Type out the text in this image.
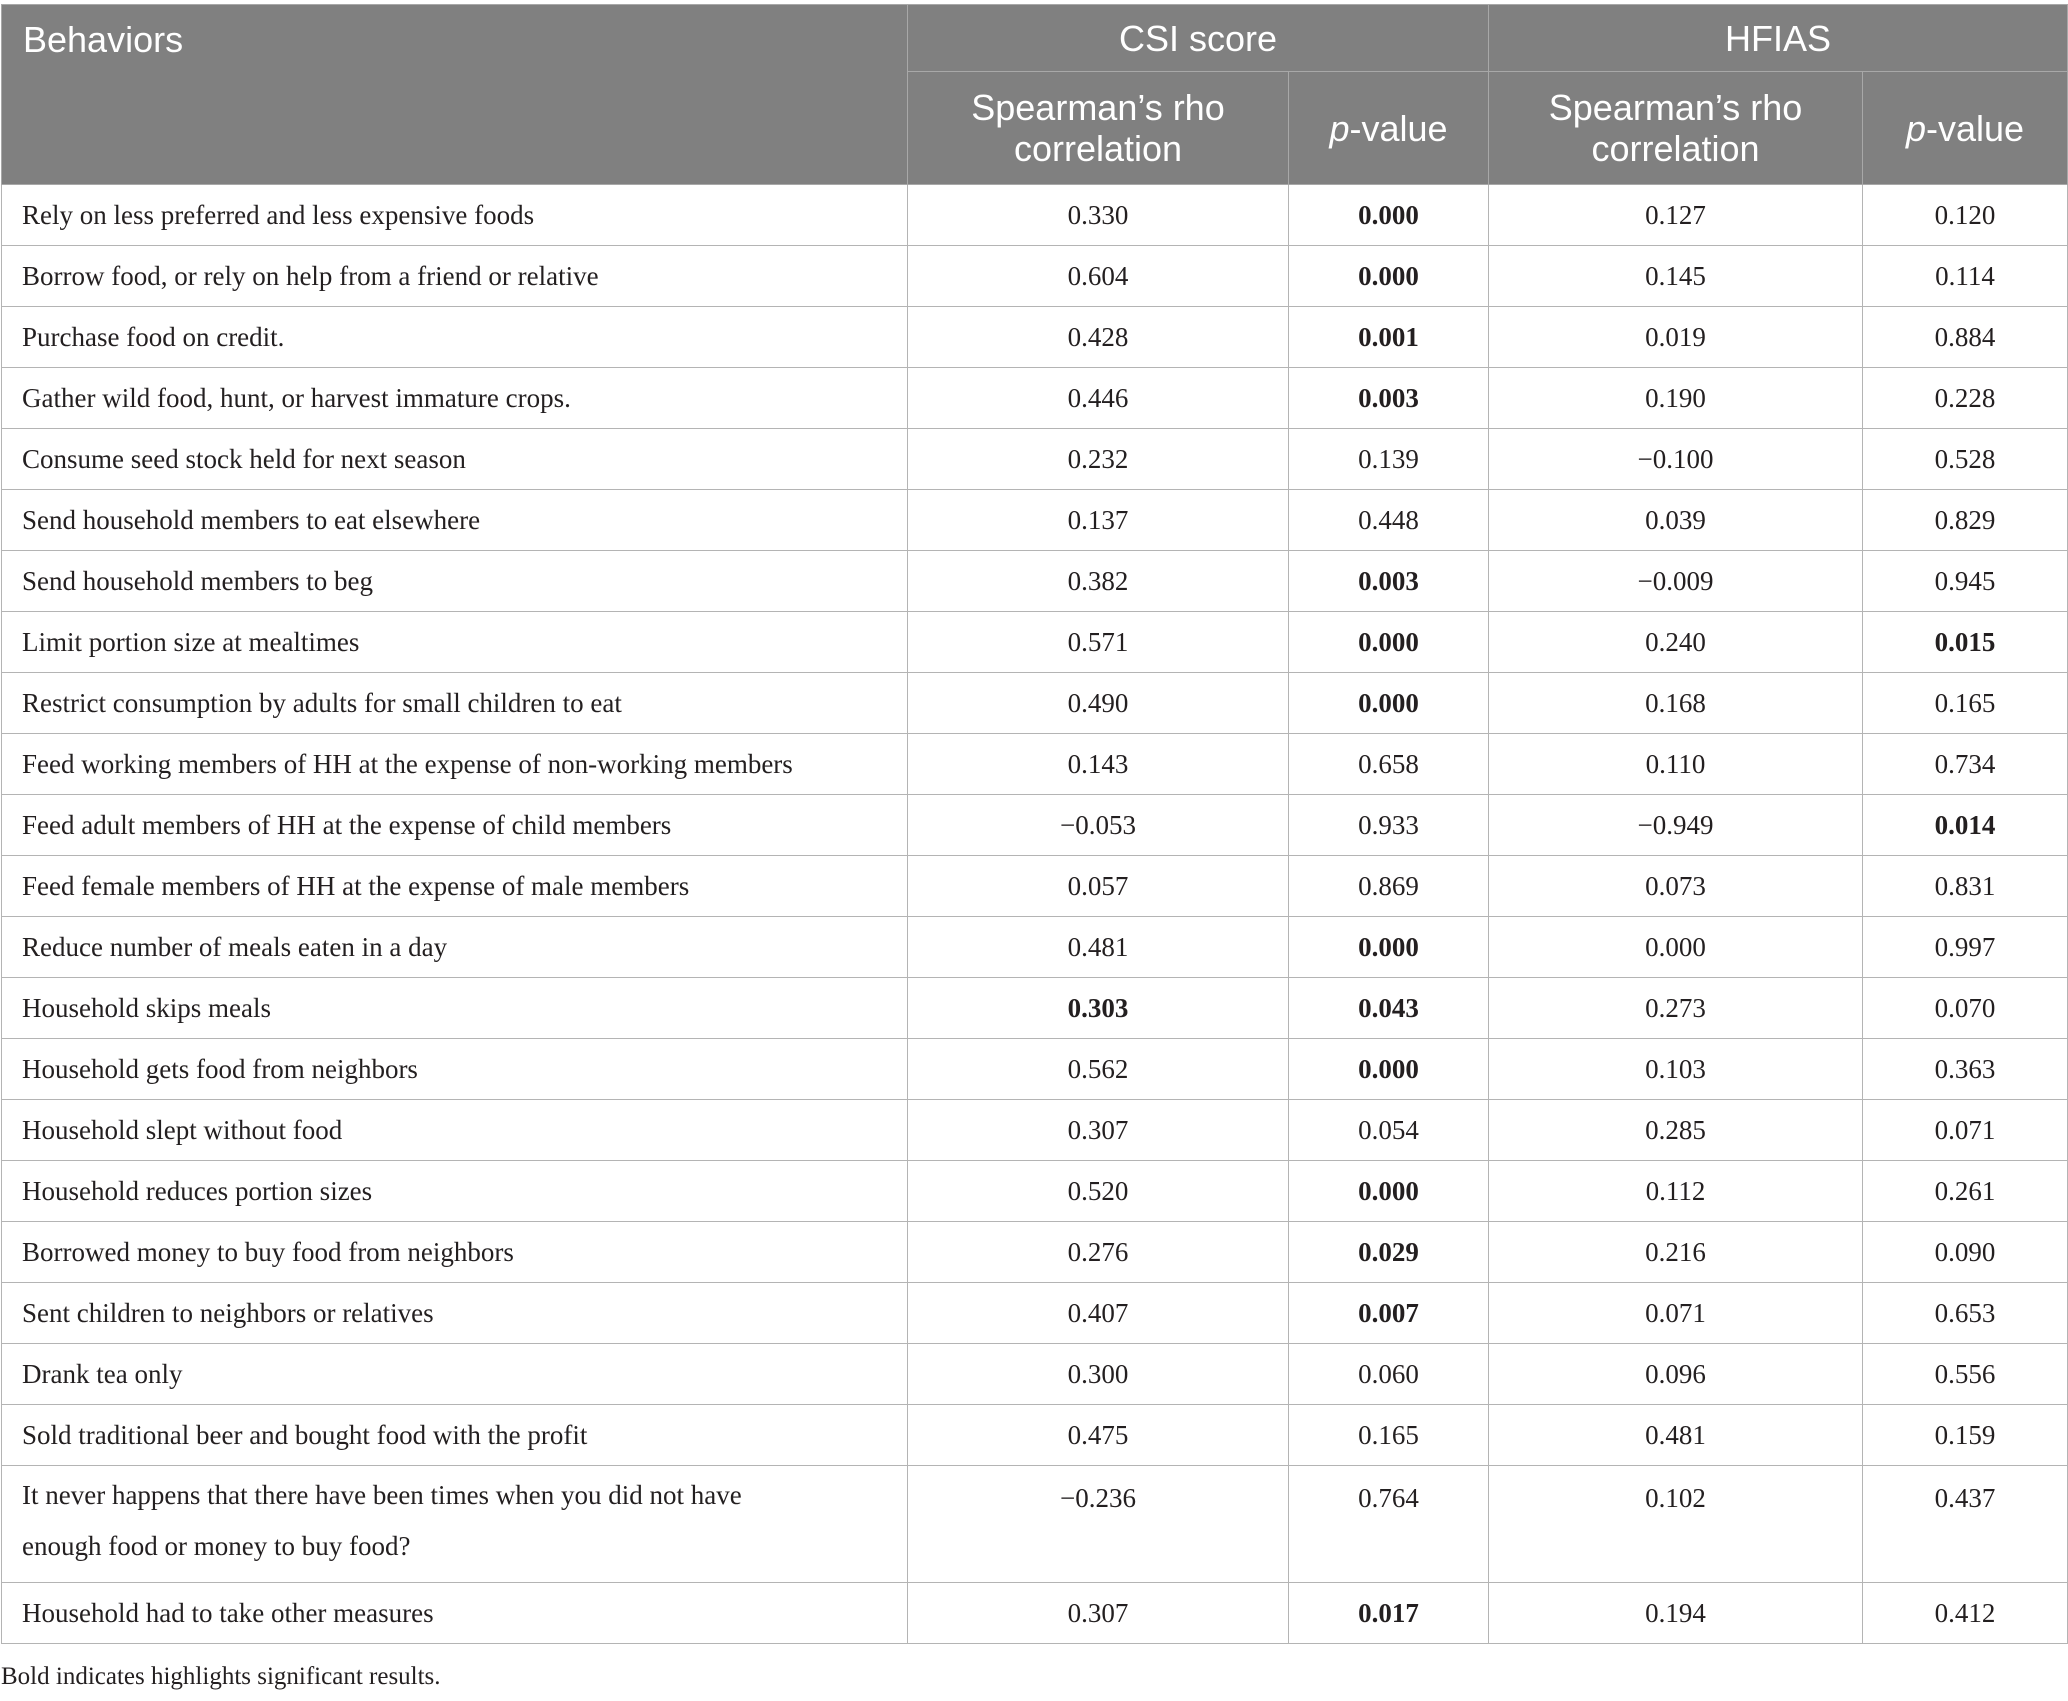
Behaviors	CSI score		HFIAS	
	Spearman’s rho correlation	p-value	Spearman’s rho correlation	p-value
Rely on less preferred and less expensive foods	0.330	0.000	0.127	0.120
Borrow food, or rely on help from a friend or relative	0.604	0.000	0.145	0.114
Purchase food on credit.	0.428	0.001	0.019	0.884
Gather wild food, hunt, or harvest immature crops.	0.446	0.003	0.190	0.228
Consume seed stock held for next season	0.232	0.139	−0.100	0.528
Send household members to eat elsewhere	0.137	0.448	0.039	0.829
Send household members to beg	0.382	0.003	−0.009	0.945
Limit portion size at mealtimes	0.571	0.000	0.240	0.015
Restrict consumption by adults for small children to eat	0.490	0.000	0.168	0.165
Feed working members of HH at the expense of non-working members	0.143	0.658	0.110	0.734
Feed adult members of HH at the expense of child members	−0.053	0.933	−0.949	0.014
Feed female members of HH at the expense of male members	0.057	0.869	0.073	0.831
Reduce number of meals eaten in a day	0.481	0.000	0.000	0.997
Household skips meals	0.303	0.043	0.273	0.070
Household gets food from neighbors	0.562	0.000	0.103	0.363
Household slept without food	0.307	0.054	0.285	0.071
Household reduces portion sizes	0.520	0.000	0.112	0.261
Borrowed money to buy food from neighbors	0.276	0.029	0.216	0.090
Sent children to neighbors or relatives	0.407	0.007	0.071	0.653
Drank tea only	0.300	0.060	0.096	0.556
Sold traditional beer and bought food with the profit	0.475	0.165	0.481	0.159
It never happens that there have been times when you did not have
enough food or money to buy food?	−0.236	0.764	0.102	0.437
Household had to take other measures	0.307	0.017	0.194	0.412
Bold indicates highlights significant results.
